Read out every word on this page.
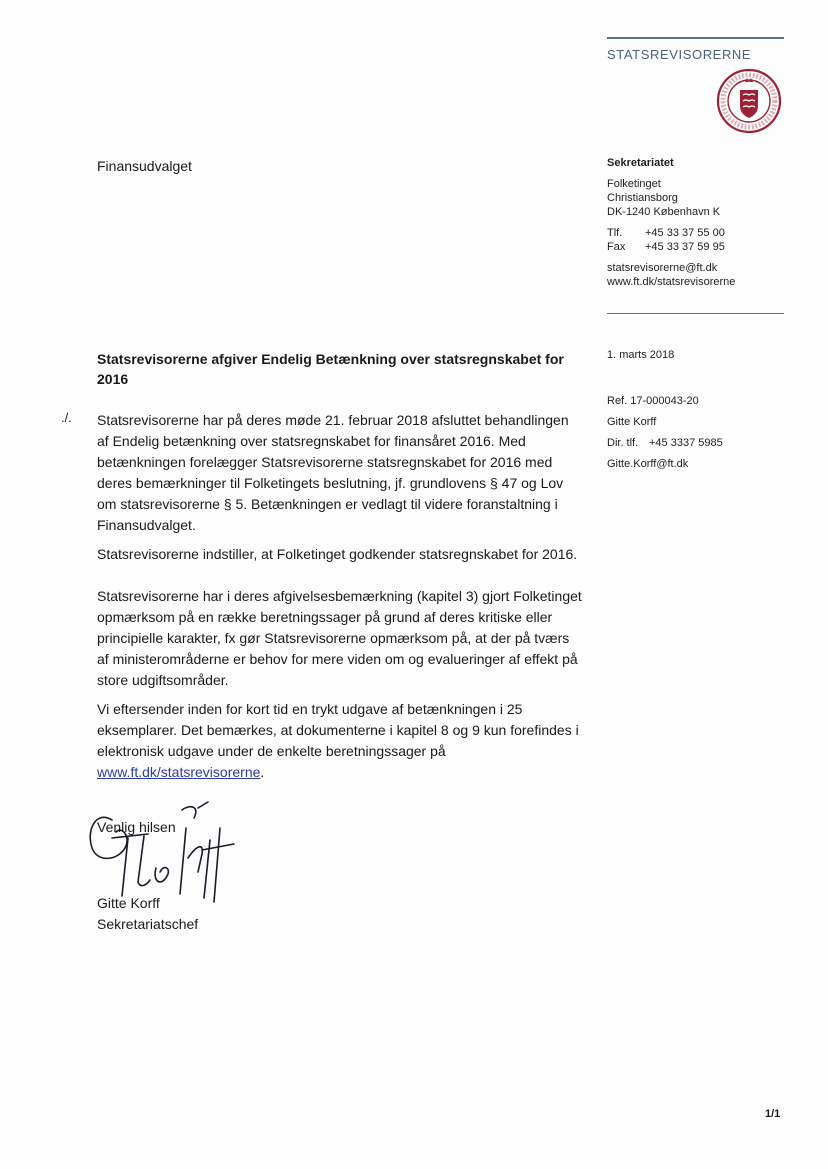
STATSREVISORERNE
Finansudvalget	Sekretariatet
Folketinget
Christiansborg
DK-1240 København K
Tlf. +45 33 37 55 00
Fax +45 33 37 59 95
statsrevisorerne@ft.dk
www.ft.dk/statsrevisorerne
1. marts 2018
Ref. 17-000043-20
Gitte Korff
Dir. tlf. +45 3337 5985
Gitte.Korff@ft.dk
Statsrevisorerne afgiver Endelig Betænkning over statsregnskabet for 2016
./. Statsrevisorerne har på deres møde 21. februar 2018 afsluttet behandlingen af Endelig betænkning over statsregnskabet for finansåret 2016. Med betænkningen forelægger Statsrevisorerne statsregnskabet for 2016 med deres bemærkninger til Folketingets beslutning, jf. grundlovens § 47 og Lov om statsrevisorerne § 5. Betænkningen er vedlagt til videre foranstaltning i Finansudvalget.
Statsrevisorerne indstiller, at Folketinget godkender statsregnskabet for 2016.
Statsrevisorerne har i deres afgivelsesbemærkning (kapitel 3) gjort Folketinget opmærksom på en række beretningssager på grund af deres kritiske eller principielle karakter, fx gør Statsrevisorerne opmærksom på, at der på tværs af ministerområderne er behov for mere viden om og evalueringer af effekt på store udgiftsområder.
Vi eftersender inden for kort tid en trykt udgave af betænkningen i 25 eksemplarer. Det bemærkes, at dokumenterne i kapitel 8 og 9 kun forefindes i elektronisk udgave under de enkelte beretningssager på www.ft.dk/statsrevisorerne.
Venlig hilsen
Gitte Korff
Sekretariatschef
1/1
